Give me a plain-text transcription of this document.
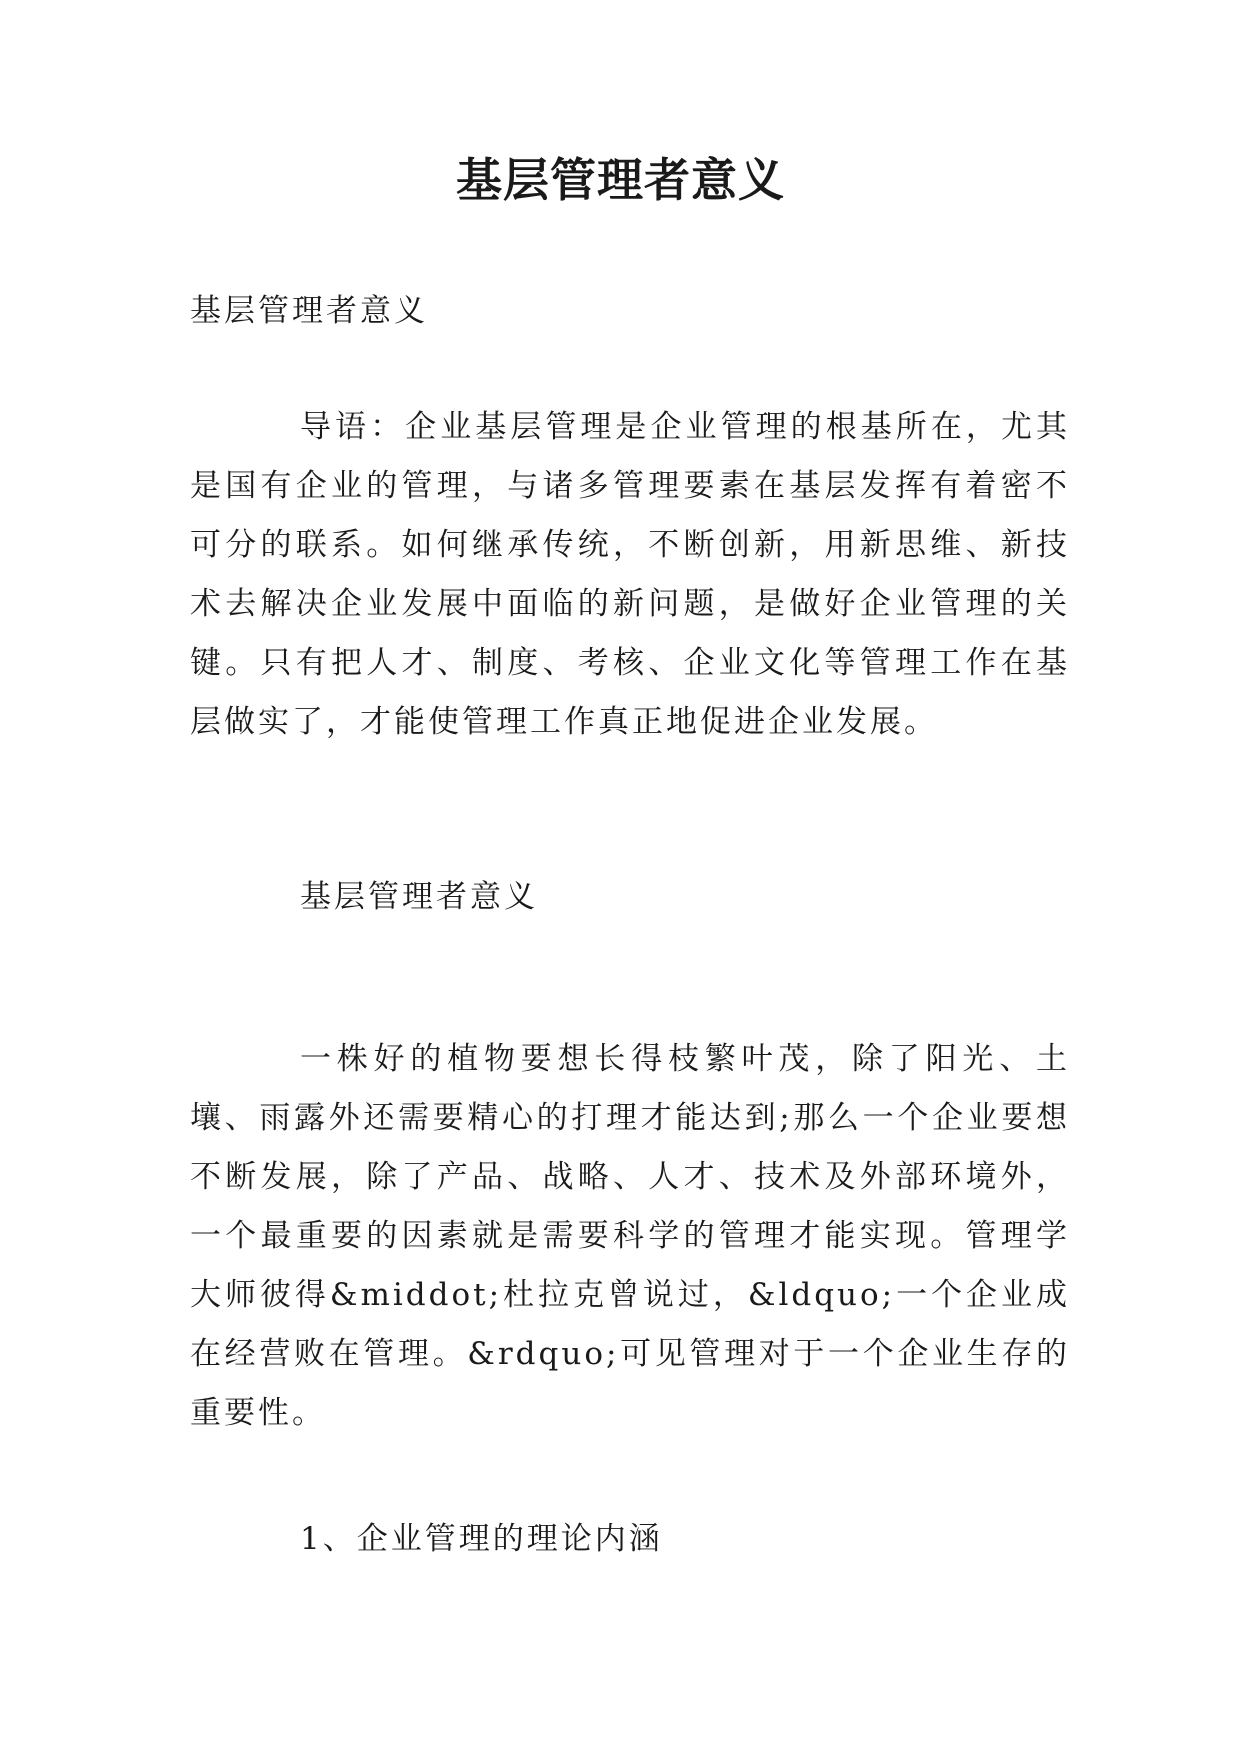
基层管理者意义

基层管理者意义

导语：企业基层管理是企业管理的根基所在，尤其是国有企业的管理，与诸多管理要素在基层发挥有着密不可分的联系。如何继承传统，不断创新，用新思维、新技术去解决企业发展中面临的新问题，是做好企业管理的关键。只有把人才、制度、考核、企业文化等管理工作在基层做实了，才能使管理工作真正地促进企业发展。

基层管理者意义

一株好的植物要想长得枝繁叶茂，除了阳光、土壤、雨露外还需要精心的打理才能达到;那么一个企业要想不断发展，除了产品、战略、人才、技术及外部环境外，一个最重要的因素就是需要科学的管理才能实现。管理学大师彼得&middot;杜拉克曾说过，&ldquo;一个企业成在经营败在管理。&rdquo;可见管理对于一个企业生存的重要性。

1、企业管理的理论内涵
